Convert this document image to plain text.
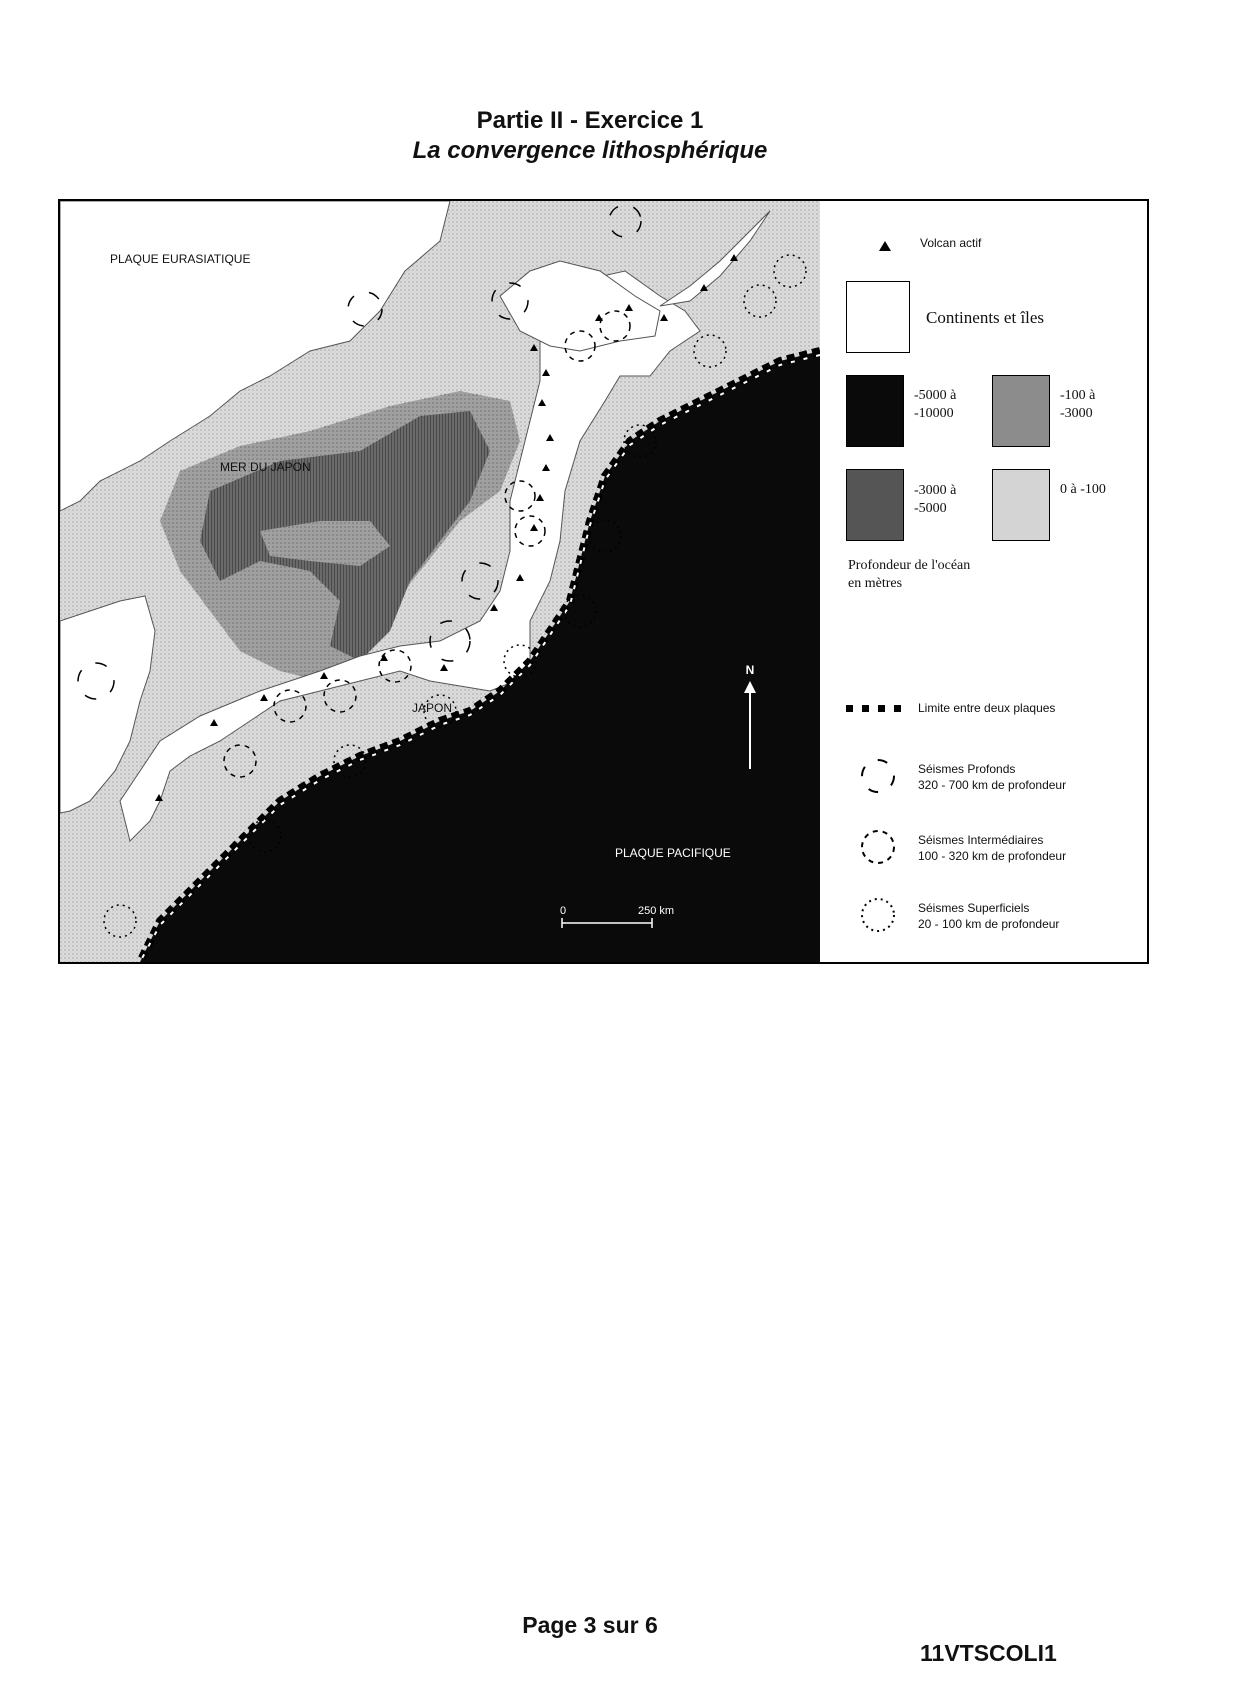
Partie II - Exercice 1
La convergence lithosphérique
PLAQUE EURASIATIQUE
MER DU JAPON
JAPON
PLAQUE PACIFIQUE
N
0	250 km
Volcan actif
Continents et îles
-5000 à
-10000
-100 à
-3000
-3000 à
-5000
0 à -100
Profondeur de l'océan
en mètres
Limite entre deux plaques
Séismes Profonds
320 - 700 km de profondeur
Séismes Intermédiaires
100 - 320 km de profondeur
Séismes Superficiels
20 - 100 km de profondeur
Page 3 sur 6
11VTSCOLI1
